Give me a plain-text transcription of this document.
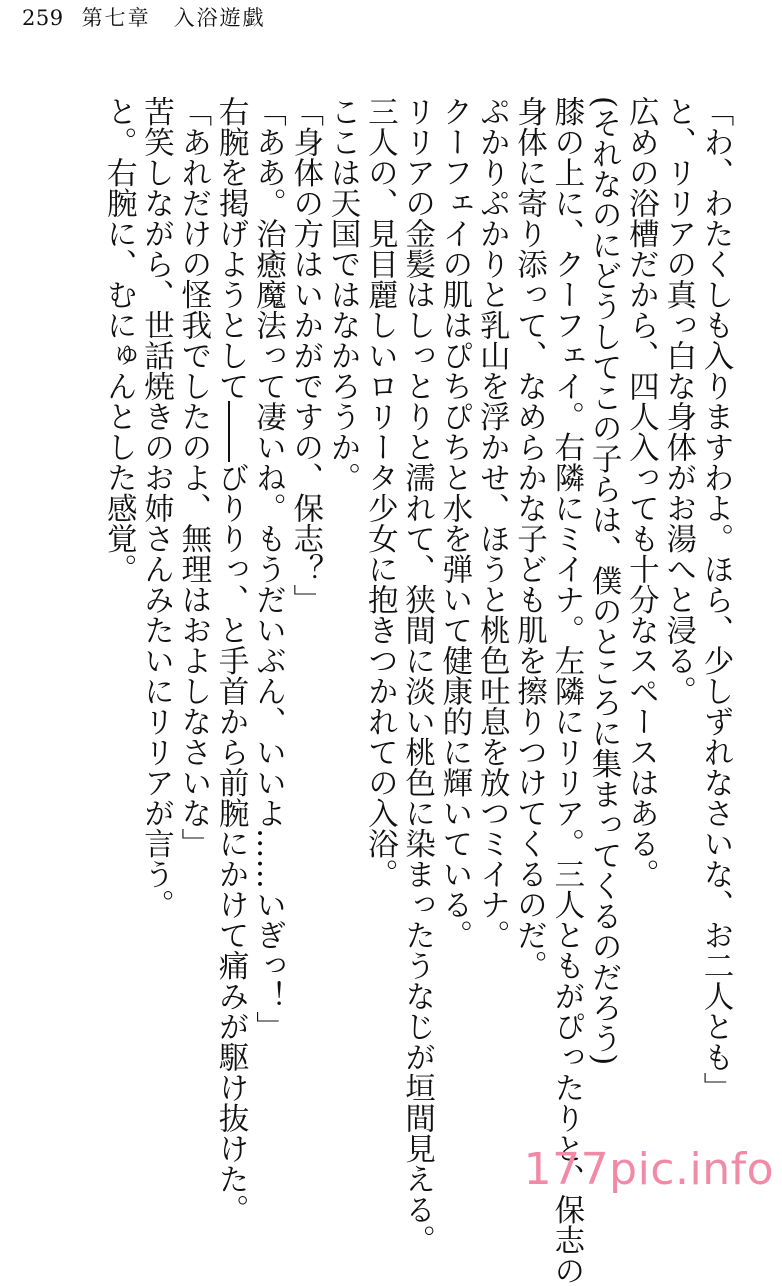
259 第七章　入浴遊戯

「わ、わたくしも入りますわよ。ほら、少しずれなさいな、お二人とも」

と、リリアの真っ白な身体がお湯へと浸る。

広めの浴槽だから、四人入っても十分なスペースはある。

(それなのにどうしてこの子らは、僕のところに集まってくるのだろう)

膝の上に、クーフェイ。右隣にミイナ。左隣にリリア。三人ともがぴったりと、保志の

身体に寄り添って、なめらかな子ども肌を擦りつけてくるのだ。

ぷかりぷかりと乳山を浮かせ、ほうと桃色吐息を放つミイナ。

クーフェイの肌はぴちぴちと水を弾いて健康的に輝いている。

リリアの金髪はしっとりと濡れて、狭間に淡い桃色に染まったうなじが垣間見える。

三人の、見目麗しいロリータ少女に抱きつかれての入浴。

ここは天国ではなかろうか。

「身体の方はいかがですの、保志？」

「ああ。治癒魔法って凄いね。もうだいぶん、いいよ……いぎっ！」

右腕を掲げようとして――びりりっ、と手首から前腕にかけて痛みが駆け抜けた。

「あれだけの怪我でしたのよ、無理はおよしなさいな」

苦笑しながら、世話焼きのお姉さんみたいにリリアが言う。

と。右腕に、むにゅんとした感覚。

177pic.info
